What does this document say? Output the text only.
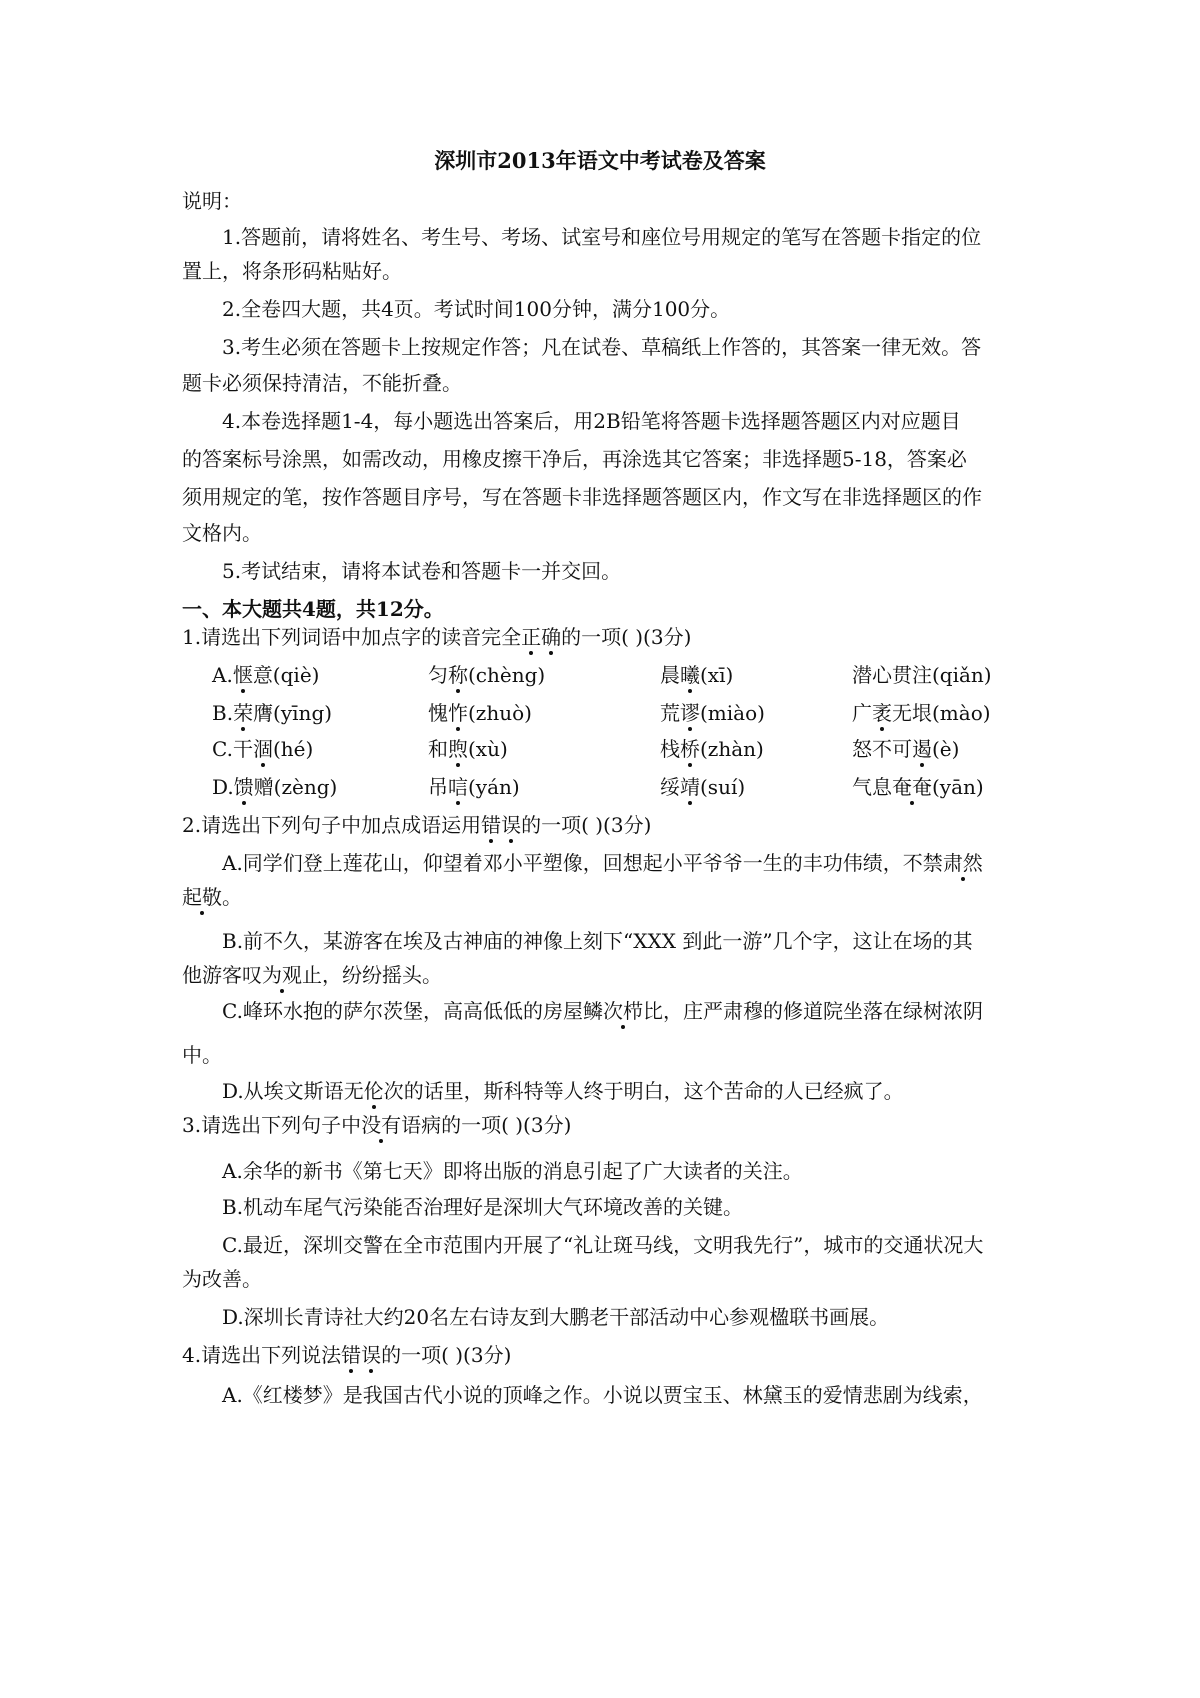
深圳市2013年语文中考试卷及答案
说明：
1.答题前，请将姓名、考生号、考场、试室号和座位号用规定的笔写在答题卡指定的位
置上，将条形码粘贴好。
2.全卷四大题，共4页。考试时间100分钟，满分100分。
3.考生必须在答题卡上按规定作答；凡在试卷、草稿纸上作答的，其答案一律无效。答
题卡必须保持清洁，不能折叠。
4.本卷选择题1-4，每小题选出答案后，用2B铅笔将答题卡选择题答题区内对应题目
的答案标号涂黑，如需改动，用橡皮擦干净后，再涂选其它答案；非选择题5-18，答案必
须用规定的笔，按作答题目序号，写在答题卡非选择题答题区内，作文写在非选择题区的作
文格内。
5.考试结束，请将本试卷和答题卡一并交回。
一、本大题共4题，共12分。
1.请选出下列词语中加点字的读音完全正确的一项( )(3分)
A.惬意(qiè)	匀称(chèng)	晨曦(xī)	潜心贯注(qiǎn)
B.荣膺(yīng)	愧怍(zhuò)	荒谬(miào)	广袤无垠(mào)
C.干涸(hé)	和煦(xù)	栈桥(zhàn)	怒不可遏(è)
D.馈赠(zèng)	吊唁(yán)	绥靖(suí)	气息奄奄(yān)
2.请选出下列句子中加点成语运用错误的一项( )(3分)
A.同学们登上莲花山，仰望着邓小平塑像，回想起小平爷爷一生的丰功伟绩，不禁肃然
起敬。
B.前不久，某游客在埃及古神庙的神像上刻下“XXX 到此一游”几个字，这让在场的其
他游客叹为观止，纷纷摇头。
C.峰环水抱的萨尔茨堡，高高低低的房屋鳞次栉比，庄严肃穆的修道院坐落在绿树浓阴
中。
D.从埃文斯语无伦次的话里，斯科特等人终于明白，这个苦命的人已经疯了。
3.请选出下列句子中没有语病的一项( )(3分)
A.余华的新书《第七天》即将出版的消息引起了广大读者的关注。
B.机动车尾气污染能否治理好是深圳大气环境改善的关键。
C.最近，深圳交警在全市范围内开展了“礼让斑马线，文明我先行”，城市的交通状况大
为改善。
D.深圳长青诗社大约20名左右诗友到大鹏老干部活动中心参观楹联书画展。
4.请选出下列说法错误的一项( )(3分)
A.《红楼梦》是我国古代小说的顶峰之作。小说以贾宝玉、林黛玉的爱情悲剧为线索，
